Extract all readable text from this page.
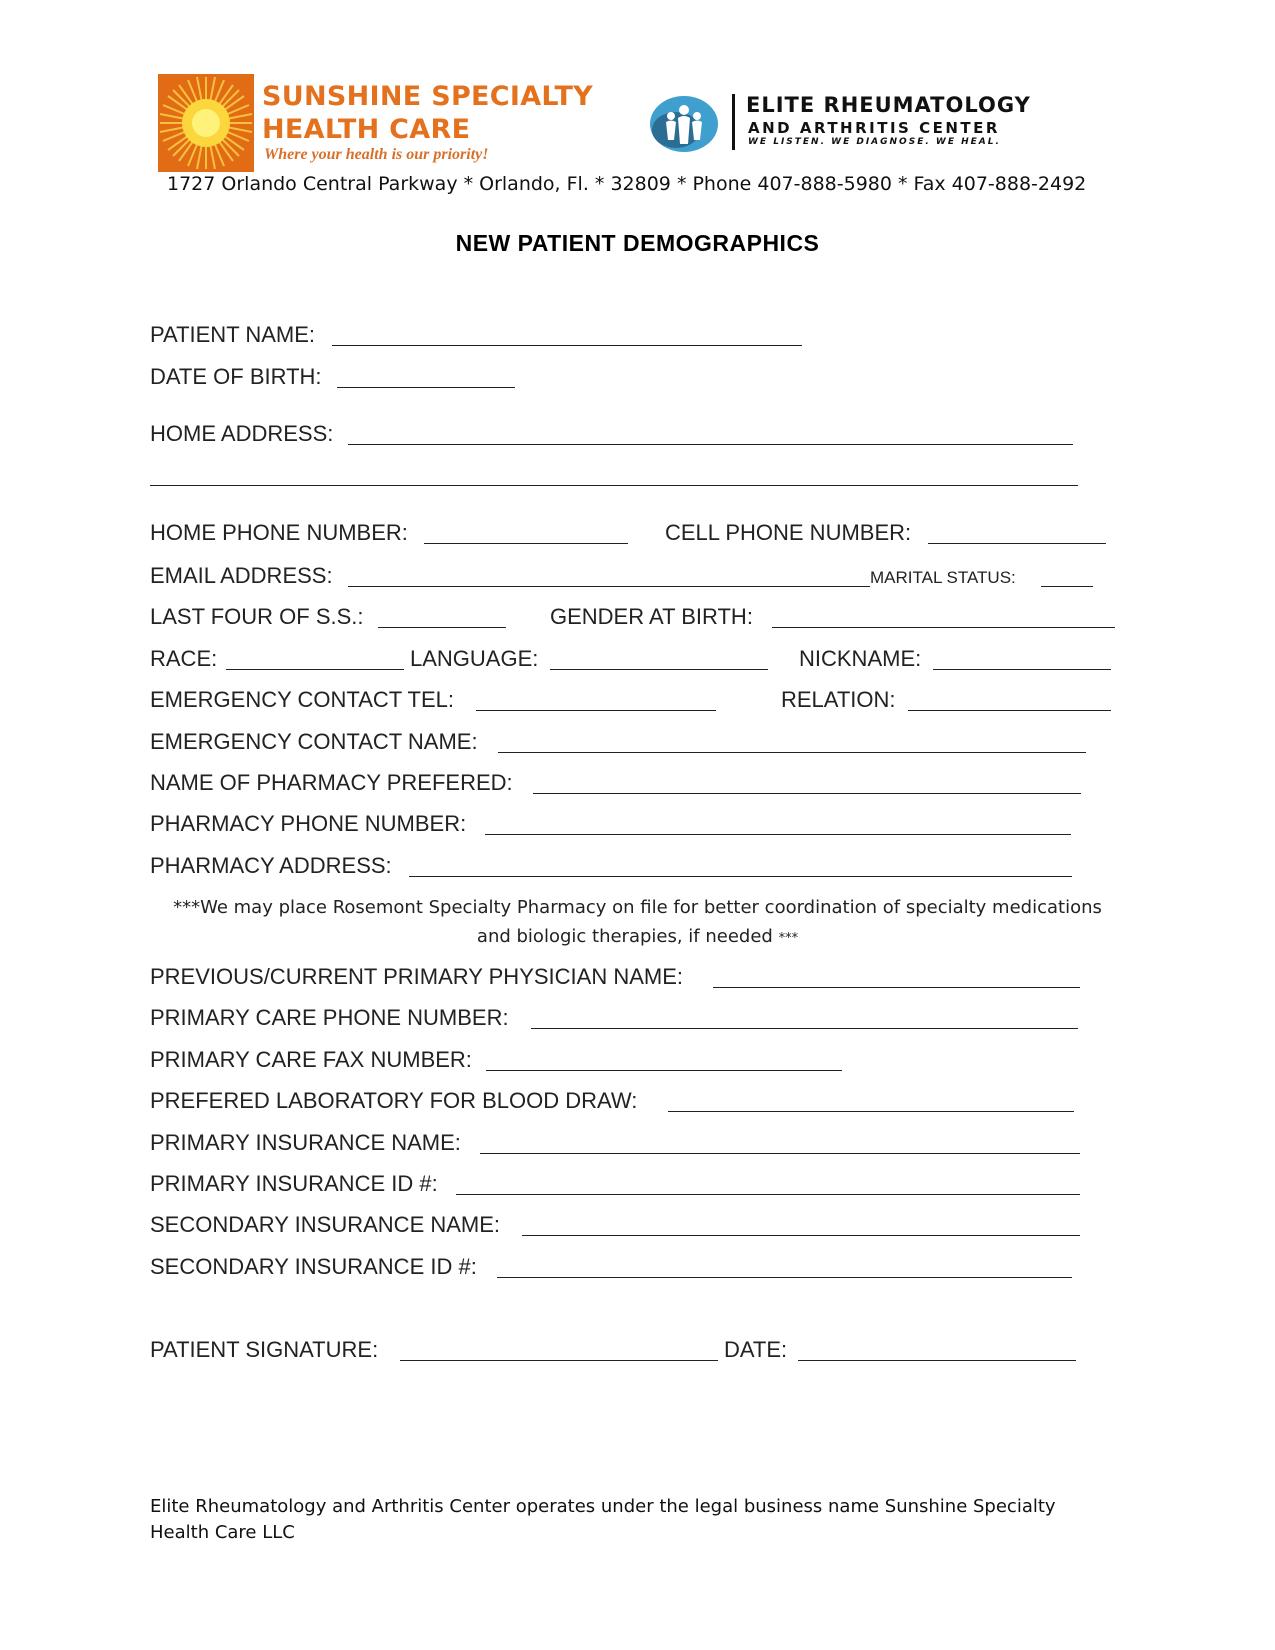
SUNSHINE SPECIALTY
HEALTH CARE
Where your health is our priority!
ELITE RHEUMATOLOGY
AND ARTHRITIS CENTER
WE LISTEN. WE DIAGNOSE. WE HEAL.
1727 Orlando Central Parkway * Orlando, Fl. * 32809 * Phone 407-888-5980 * Fax 407-888-2492
NEW PATIENT DEMOGRAPHICS
PATIENT NAME:
DATE OF BIRTH:
HOME ADDRESS:
HOME PHONE NUMBER:	CELL PHONE NUMBER:
EMAIL ADDRESS:	MARITAL STATUS:
LAST FOUR OF S.S.:	GENDER AT BIRTH:
RACE:	LANGUAGE:	NICKNAME:
EMERGENCY CONTACT TEL:	RELATION:
EMERGENCY CONTACT NAME:
NAME OF PHARMACY PREFERED:
PHARMACY PHONE NUMBER:
PHARMACY ADDRESS:
***We may place Rosemont Specialty Pharmacy on file for better coordination of specialty medications
and biologic therapies, if needed ***
PREVIOUS/CURRENT PRIMARY PHYSICIAN NAME:
PRIMARY CARE PHONE NUMBER:
PRIMARY CARE FAX NUMBER:
PREFERED LABORATORY FOR BLOOD DRAW:
PRIMARY INSURANCE NAME:
PRIMARY INSURANCE ID #:
SECONDARY INSURANCE NAME:
SECONDARY INSURANCE ID #:
PATIENT SIGNATURE:	DATE:
Elite Rheumatology and Arthritis Center operates under the legal business name Sunshine Specialty Health Care LLC
